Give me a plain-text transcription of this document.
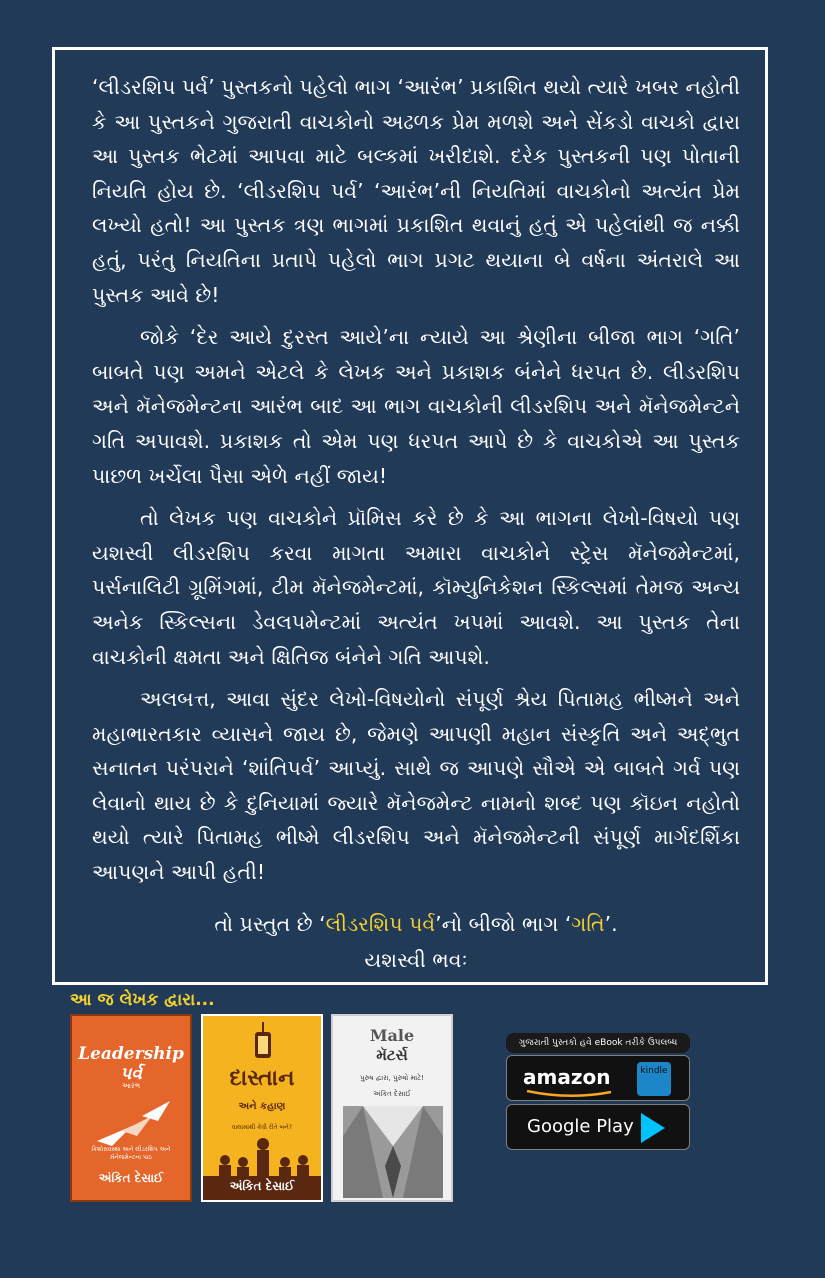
‘લીડરશિપ પર્વ’ પુસ્તકનો પહેલો ભાગ ‘આરંભ’ પ્રકાશિત થયો ત્યારે ખબર નહોતી કે આ પુસ્તકને ગુજરાતી વાચકોનો અઢળક પ્રેમ મળશે અને સેંકડો વાચકો દ્વારા આ પુસ્તક ભેટમાં આપવા માટે બલ્કમાં ખરીદાશે. દરેક પુસ્તકની પણ પોતાની નિયતિ હોય છે. ‘લીડરશિપ પર્વ’ ‘આરંભ’ની નિયતિમાં વાચકોનો અત્યંત પ્રેમ લખ્યો હતો! આ પુસ્તક ત્રણ ભાગમાં પ્રકાશિત થવાનું હતું એ પહેલાંથી જ નક્કી હતું, પરંતુ નિયતિના પ્રતાપે પહેલો ભાગ પ્રગટ થયાના બે વર્ષના અંતરાલે આ પુસ્તક આવે છે!

જોકે ‘દેર આયે દુરસ્ત આયે’ના ન્યાયે આ શ્રેણીના બીજા ભાગ ‘ગતિ’ બાબતે પણ અમને એટલે કે લેખક અને પ્રકાશક બંનેને ધરપત છે. લીડરશિપ અને મૅનેજમેન્ટના આરંભ બાદ આ ભાગ વાચકોની લીડરશિપ અને મૅનેજમેન્ટને ગતિ અપાવશે. પ્રકાશક તો એમ પણ ધરપત આપે છે કે વાચકોએ આ પુસ્તક પાછળ ખર્ચેલા પૈસા એળે નહીં જાય!

તો લેખક પણ વાચકોને પ્રૉમિસ કરે છે કે આ ભાગના લેખો-વિષયો પણ યશસ્વી લીડરશિપ કરવા માગતા અમારા વાચકોને સ્ટ્રેસ મૅનેજમેન્ટમાં, પર્સનાલિટી ગ્રૂમિંગમાં, ટીમ મૅનેજમેન્ટમાં, કૉમ્યુનિકેશન સ્કિલ્સમાં તેમજ અન્ય અનેક સ્કિલ્સના ડેવલપમેન્ટમાં અત્યંત ખપમાં આવશે. આ પુસ્તક તેના વાચકોની ક્ષમતા અને ક્ષિતિજ બંનેને ગતિ આપશે.

અલબત્ત, આવા સુંદર લેખો-વિષયોનો સંપૂર્ણ શ્રેય પિતામહ ભીષ્મને અને મહાભારતકાર વ્યાસને જાય છે, જેમણે આપણી મહાન સંસ્કૃતિ અને અદ્ભુત સનાતન પરંપરાને ‘શાંતિપર્વ’ આપ્યું. સાથે જ આપણે સૌએ એ બાબતે ગર્વ પણ લેવાનો થાય છે કે દુનિયામાં જ્યારે મૅનેજમેન્ટ નામનો શબ્દ પણ કૉઇન નહોતો થયો ત્યારે પિતામહ ભીષ્મે લીડરશિપ અને મૅનેજમેન્ટની સંપૂર્ણ માર્ગદર્શિકા આપણને આપી હતી!

તો પ્રસ્તુત છે ‘લીડરશિપ પર્વ’નો બીજો ભાગ ‘ગતિ’.
યશસ્વી ભવઃ
આ જ લેખક દ્વારા...
Leadership પર્વ
આરંભ
કિશોરાવસ્થા અને લીડરશિપ અને મૅનેજમેન્ટના પાઠ
અંકિત દેસાઈ
દાસ્તાન
અને કહાણ
વાલામાંથી કેવી રીતે બને?
અંકિત દેસાઈ
Male
મૅટર્સ
પુરુષ દ્વારા, પુરુષો માટે!
અંકિત દેસાઈ
ગુજરાતી પુસ્તકો હવે eBook તરીકે ઉપલબ્ધ
amazon	kindle
Google Play
